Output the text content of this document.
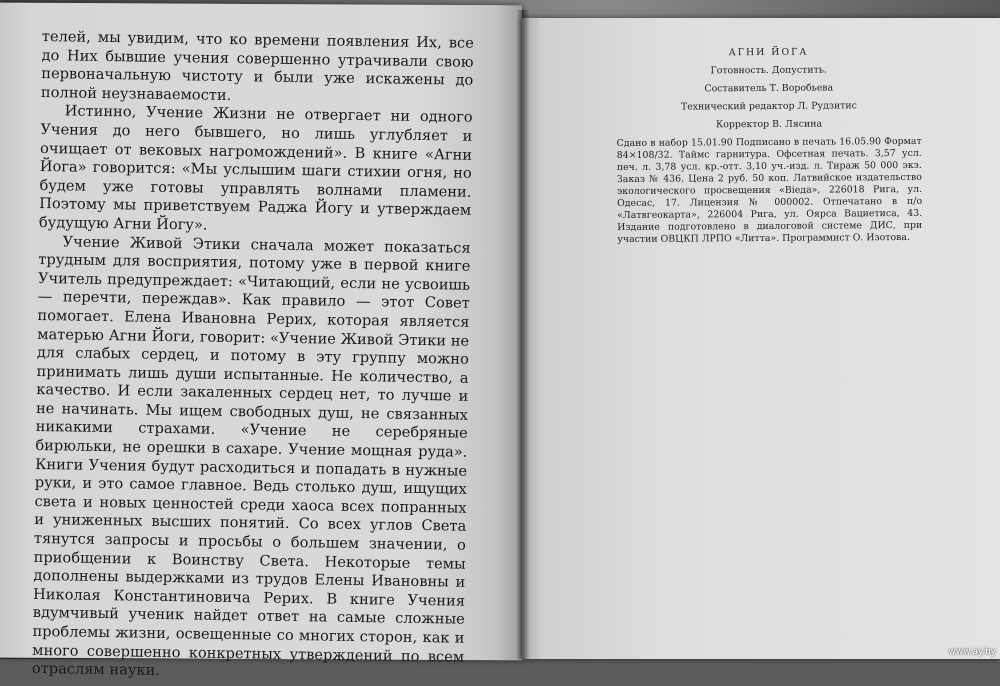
телей, мы увидим, что ко времени появления Их, все до Них бывшие учения совершенно утрачивали свою первоначальную чистоту и были уже искажены до полной неузнаваемости.

Истинно, Учение Жизни не отвергает ни одного Учения до него бывшего, но лишь углубляет и очищает от вековых нагромождений». В книге «Агни Йога» говорится: «Мы услышим шаги стихии огня, но будем уже готовы управлять волнами пламени. Поэтому мы приветствуем Раджа Йогу и утверждаем будущую Агни Йогу».

Учение Живой Этики сначала может показаться трудным для восприятия, потому уже в первой книге Учитель предупреждает: «Читающий, если не усвоишь — перечти, переждав». Как правило — этот Совет помогает. Елена Ивановна Рерих, которая является матерью Агни Йоги, говорит: «Учение Живой Этики не для слабых сердец, и потому в эту группу можно принимать лишь души испытанные. Не количество, а качество. И если закаленных сердец нет, то лучше и не начинать. Мы ищем свободных душ, не связанных никакими страхами. «Учение не серебряные бирюльки, не орешки в сахаре. Учение мощная руда». Книги Учения будут расходиться и попадать в нужные руки, и это самое главное. Ведь столько душ, ищущих света и новых ценностей среди хаоса всех попранных и униженных высших понятий. Со всех углов Света тянутся запросы и просьбы о большем значении, о приобщении к Воинству Света. Некоторые темы дополнены выдержками из трудов Елены Ивановны и Николая Константиновича Рерих. В книге Учения вдумчивый ученик найдет ответ на самые сложные проблемы жизни, освещенные со многих сторон, как и много совершенно конкретных утверждений по всем отраслям науки.

АГНИ ЙОГА
Готовность. Допустить.
Составитель Т. Воробьева
Технический редактор Л. Рудзитис
Корректор В. Лясина
Сдано в набор 15.01.90 Подписано в печать 16.05.90 Формат 84×108/32. Таймс гарнитура. Офсетная печать. 3,57 усл. печ. л. 3,78 усл. кр.-отт. 3,10 уч.-изд. л. Тираж 50 000 экз. Заказ № 436. Цена 2 руб. 50 коп. Латвийское издательство экологического просвещения «Вieда», 226018 Рига, ул. Одесас, 17. Лицензия № 000002. Отпечатано в п/о «Латвгеокарта», 226004 Рига, ул. Оярса Вациетиса, 43. Издание подготовлено в диалоговой системе ДИС, при участии ОВЦКП ЛРПО «Литта». Программист О. Изотова.
www.ay.by
